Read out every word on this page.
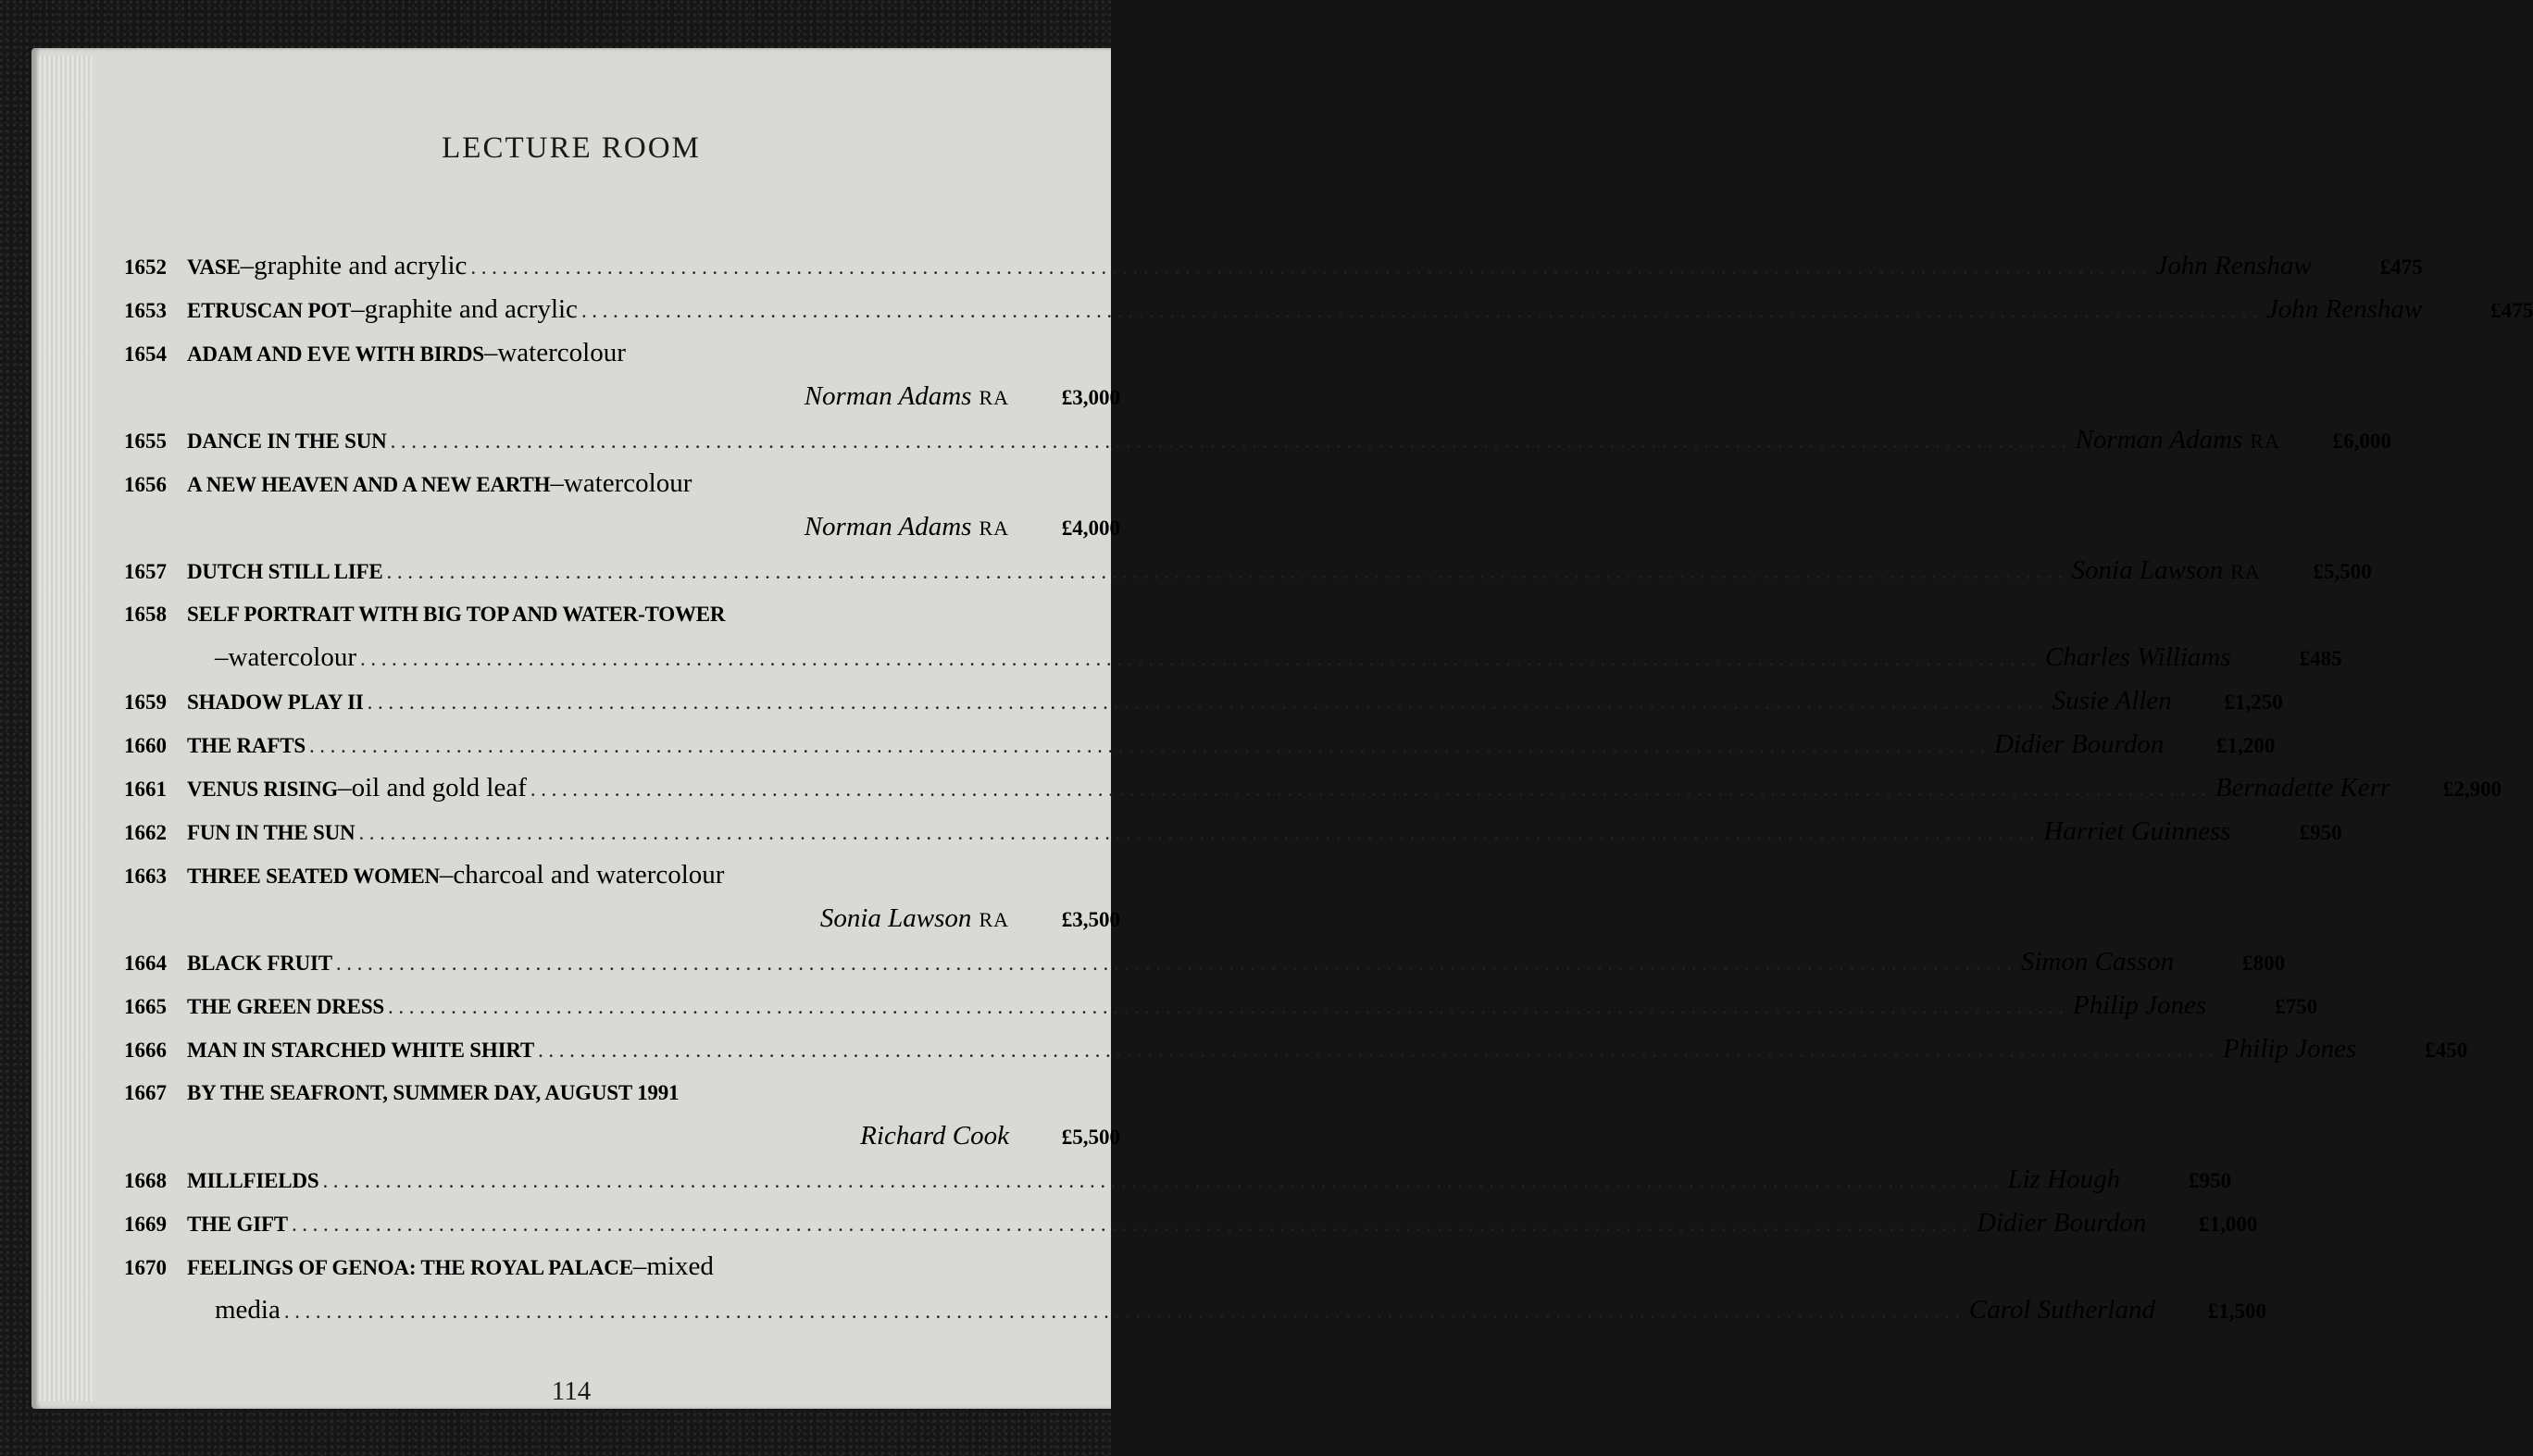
LECTURE ROOM
1652 VASE – graphite and acrylic .....	John Renshaw	£475
1653 ETRUSCAN POT – graphite and acrylic .....	John Renshaw	£475
1654 ADAM AND EVE WITH BIRDS – watercolour
Norman Adams RA	£3,000
1655 DANCE IN THE SUN .....	Norman Adams RA	£6,000
1656 A NEW HEAVEN AND A NEW EARTH – watercolour
Norman Adams RA	£4,000
1657 DUTCH STILL LIFE .....	Sonia Lawson RA	£5,500
1658 SELF PORTRAIT WITH BIG TOP AND WATER-TOWER
– watercolour .....	Charles Williams	£485
1659 SHADOW PLAY II .....	Susie Allen	£1,250
1660 THE RAFTS .....	Didier Bourdon	£1,200
1661 VENUS RISING – oil and gold leaf .....	Bernadette Kerr	£2,900
1662 FUN IN THE SUN .....	Harriet Guinness	£950
1663 THREE SEATED WOMEN – charcoal and watercolour
Sonia Lawson RA	£3,500
1664 BLACK FRUIT .....	Simon Casson	£800
1665 THE GREEN DRESS .....	Philip Jones	£750
1666 MAN IN STARCHED WHITE SHIRT .....	Philip Jones	£450
1667 BY THE SEAFRONT, SUMMER DAY, AUGUST 1991
Richard Cook	£5,500
1668 MILLFIELDS .....	Liz Hough	£950
1669 THE GIFT .....	Didier Bourdon	£1,000
1670 FEELINGS OF GENOA: THE ROYAL PALACE – mixed
media .....	Carol Sutherland	£1,500
114
